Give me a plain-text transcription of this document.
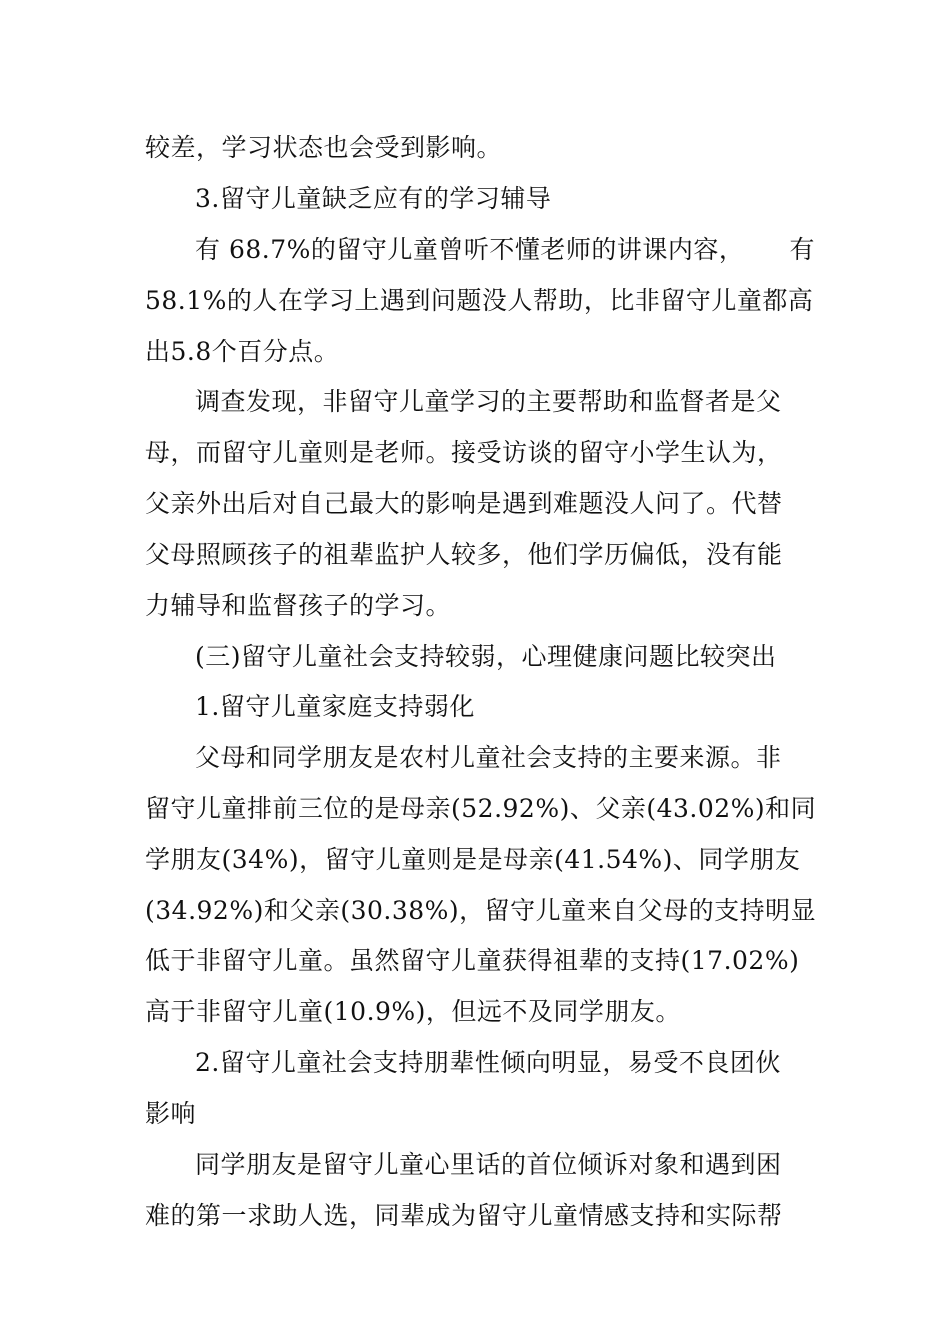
较差，学习状态也会受到影响。
3.留守儿童缺乏应有的学习辅导
有 68.7%的留守儿童曾听不懂老师的讲课内容， 有
58.1%的人在学习上遇到问题没人帮助，比非留守儿童都高
出5.8个百分点。
调查发现，非留守儿童学习的主要帮助和监督者是父
母，而留守儿童则是老师。接受访谈的留守小学生认为，
父亲外出后对自己最大的影响是遇到难题没人问了。代替
父母照顾孩子的祖辈监护人较多，他们学历偏低，没有能
力辅导和监督孩子的学习。
(三)留守儿童社会支持较弱，心理健康问题比较突出
1.留守儿童家庭支持弱化
父母和同学朋友是农村儿童社会支持的主要来源。非
留守儿童排前三位的是母亲(52.92%)、父亲(43.02%)和同
学朋友(34%)，留守儿童则是是母亲(41.54%)、同学朋友
(34.92%)和父亲(30.38%)，留守儿童来自父母的支持明显
低于非留守儿童。虽然留守儿童获得祖辈的支持(17.02%)
高于非留守儿童(10.9%)，但远不及同学朋友。
2.留守儿童社会支持朋辈性倾向明显，易受不良团伙
影响
同学朋友是留守儿童心里话的首位倾诉对象和遇到困
难的第一求助人选，同辈成为留守儿童情感支持和实际帮
